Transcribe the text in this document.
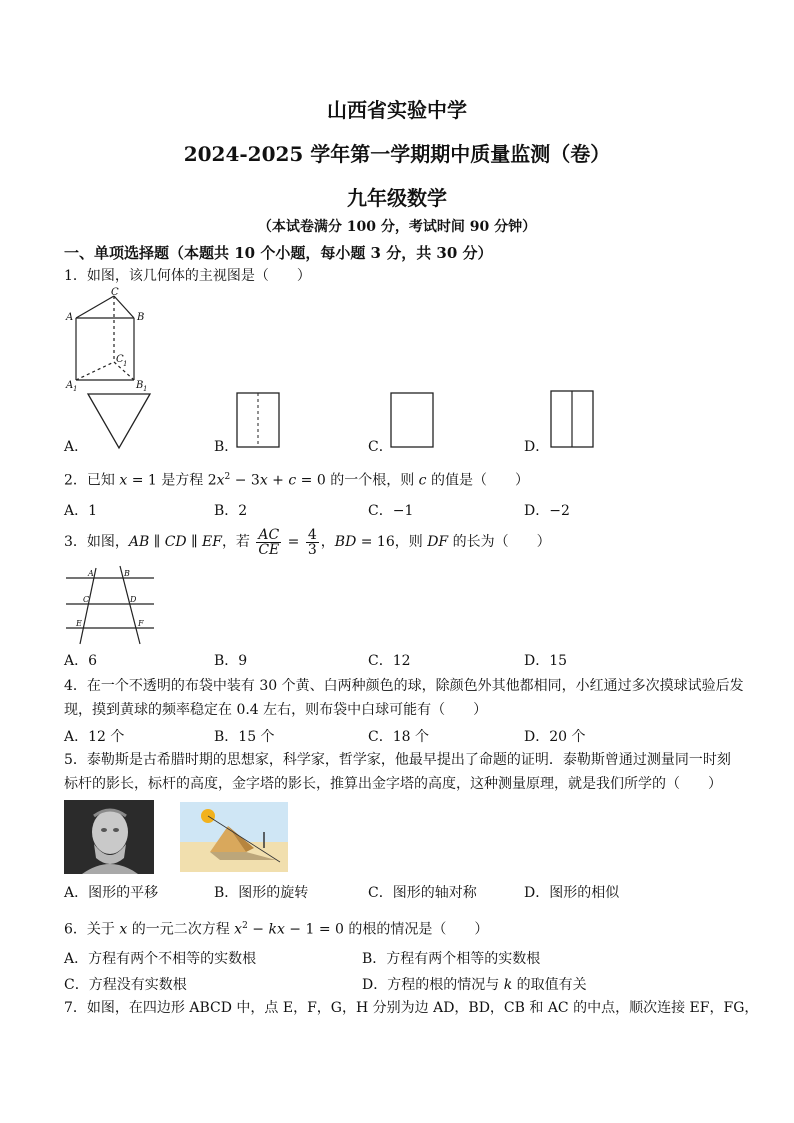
山西省实验中学
2024-2025 学年第一学期期中质量监测（卷）
九年级数学
（本试卷满分 100 分，考试时间 90 分钟）
一、单项选择题（本题共 10 个小题，每小题 3 分，共 30 分）
1．如图，该几何体的主视图是（　　）
C
A	B
C 1
A 1	B 1
A．	B．	C．	D．
2．已知 x = 1 是方程 $2x^2 - 3x + c = 0$ 的一个根，则 c 的值是（　　）
A．1	B．2	C．−1	D．−2
3．如图，AB ∥ CD ∥ EF，若 $\frac{AC}{CE} = \frac{4}{3}$ ，BD = 16，则 DF 的长为（　　）
A	B
C	D
E	F
A．6	B．9	C．12	D．15
4．在一个不透明的布袋中装有 30 个黄、白两种颜色的球，除颜色外其他都相同，小红通过多次摸球试验后发
现，摸到黄球的频率稳定在 0.4 左右，则布袋中白球可能有（　　）
A．12 个	B．15 个	C．18 个	D．20 个
5．泰勒斯是古希腊时期的思想家，科学家，哲学家，他最早提出了命题的证明．泰勒斯曾通过测量同一时刻
标杆的影长，标杆的高度，金字塔的影长，推算出金字塔的高度，这种测量原理，就是我们所学的（　　）
A．图形的平移	B．图形的旋转	C．图形的轴对称	D．图形的相似
6．关于 x 的一元二次方程 $x^2$ − kx − 1 = 0 的根的情况是（　　）
A．方程有两个不相等的实数根	B．方程有两个相等的实数根
C．方程没有实数根	D．方程的根的情况与 k 的取值有关
7．如图，在四边形 ABCD 中，点 E，F，G，H 分别为边 AD，BD，CB 和 AC 的中点，顺次连接 EF，FG，
